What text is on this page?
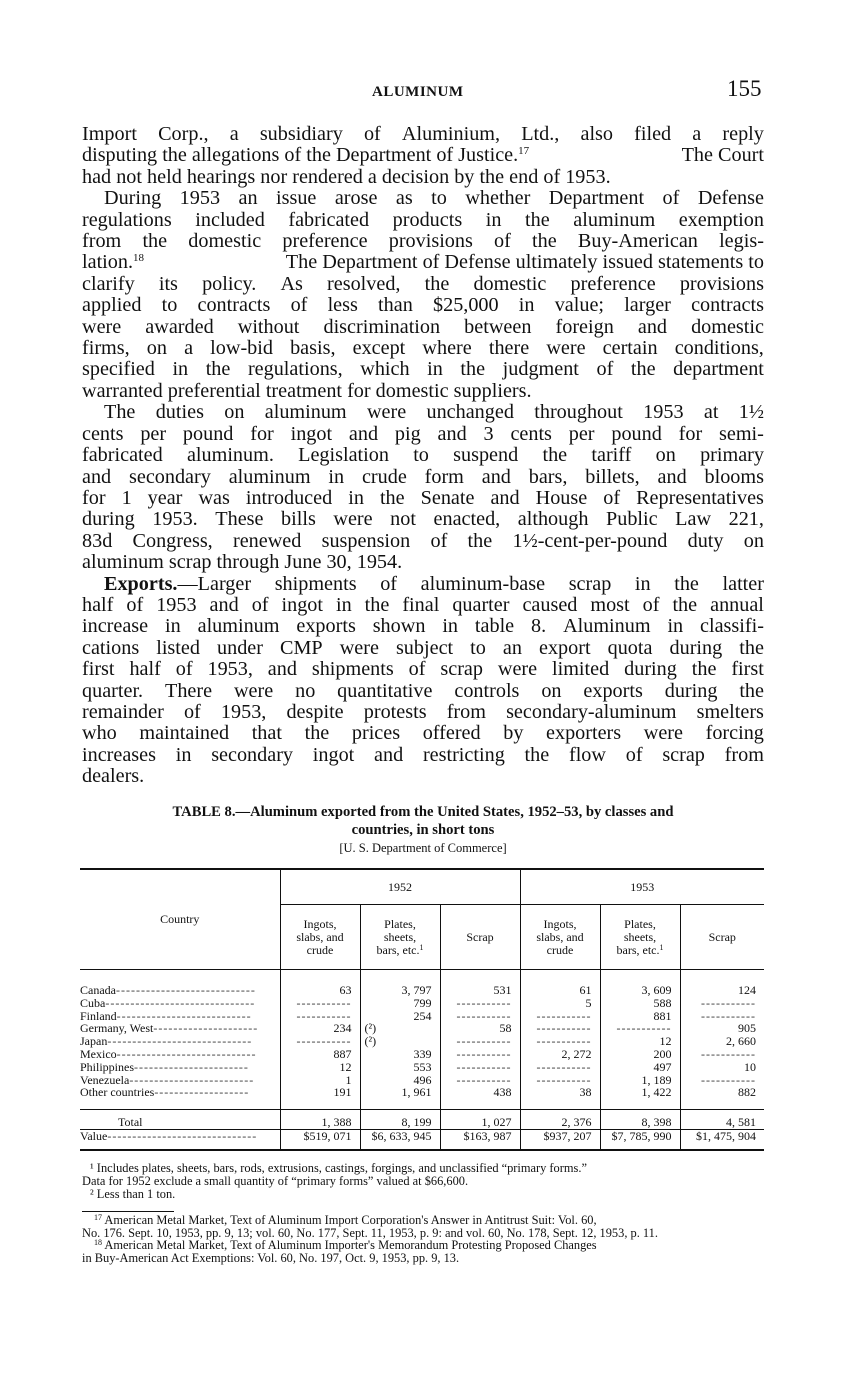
ALUMINUM	155
Import Corp., a subsidiary of Aluminium, Ltd., also filed a reply
disputing the allegations of the Department of Justice.$^{17}$	The Court
had not held hearings nor rendered a decision by the end of 1953.
During 1953 an issue arose as to whether Department of Defense
regulations included fabricated products in the aluminum exemption
from the domestic preference provisions of the Buy-American legis-
lation.$^{18}$	The Department of Defense ultimately issued statements to
clarify its policy. As resolved, the domestic preference provisions
applied to contracts of less than $25,000 in value; larger contracts
were awarded without discrimination between foreign and domestic
firms, on a low-bid basis, except where there were certain conditions,
specified in the regulations, which in the judgment of the department
warranted preferential treatment for domestic suppliers.
The duties on aluminum were unchanged throughout 1953 at 1½
cents per pound for ingot and pig and 3 cents per pound for semi-
fabricated aluminum. Legislation to suspend the tariff on primary
and secondary aluminum in crude form and bars, billets, and blooms
for 1 year was introduced in the Senate and House of Representatives
during 1953. These bills were not enacted, although Public Law 221,
83d Congress, renewed suspension of the 1½-cent-per-pound duty on
aluminum scrap through June 30, 1954.
Exports.—Larger shipments of aluminum-base scrap in the latter
half of 1953 and of ingot in the final quarter caused most of the annual
increase in aluminum exports shown in table 8. Aluminum in classifi-
cations listed under CMP were subject to an export quota during the
first half of 1953, and shipments of scrap were limited during the first
quarter. There were no quantitative controls on exports during the
remainder of 1953, despite protests from secondary-aluminum smelters
who maintained that the prices offered by exporters were forcing
increases in secondary ingot and restricting the flow of scrap from
dealers.
TABLE 8.—Aluminum exported from the United States, 1952–53, by classes and
countries, in short tons
[U. S. Department of Commerce]
Country	1952			1953		
	Ingots,
slabs, and
crude	Plates,
sheets,
bars, etc.$^1$	Scrap	Ingots,
slabs, and
crude	Plates,
sheets,
bars, etc.$^1$	Scrap
Canada----------------------------	63	3, 797	531	61	3, 609	124
Cuba------------------------------	-----------	799	-----------	5	588	-----------
Finland---------------------------	-----------	254	-----------	-----------	881	-----------
Germany, West---------------------	234	(²)	58	-----------	-----------	905
Japan-----------------------------	-----------	(²)	-----------	-----------	12	2, 660
Mexico----------------------------	887	339	-----------	2, 272	200	-----------
Philippines-----------------------	12	553	-----------	-----------	497	10
Venezuela-------------------------	1	496	-----------	-----------	1, 189	-----------
Other countries-------------------	191	1, 961	438	38	1, 422	882
Total	1, 388	8, 199	1, 027	2, 376	8, 398	4, 581
Value------------------------------	$519, 071	$6, 633, 945	$163, 987	$937, 207	$7, 785, 990	$1, 475, 904
¹ Includes plates, sheets, bars, rods, extrusions, castings, forgings, and unclassified “primary forms.”
Data for 1952 exclude a small quantity of “primary forms” valued at $66,600.
² Less than 1 ton.
$^{17}$ American Metal Market, Text of Aluminum Import Corporation's Answer in Antitrust Suit: Vol. 60,
No. 176. Sept. 10, 1953, pp. 9, 13; vol. 60, No. 177, Sept. 11, 1953, p. 9: and vol. 60, No. 178, Sept. 12, 1953, p. 11.
$^{18}$ American Metal Market, Text of Aluminum Importer's Memorandum Protesting Proposed Changes
in Buy-American Act Exemptions: Vol. 60, No. 197, Oct. 9, 1953, pp. 9, 13.
